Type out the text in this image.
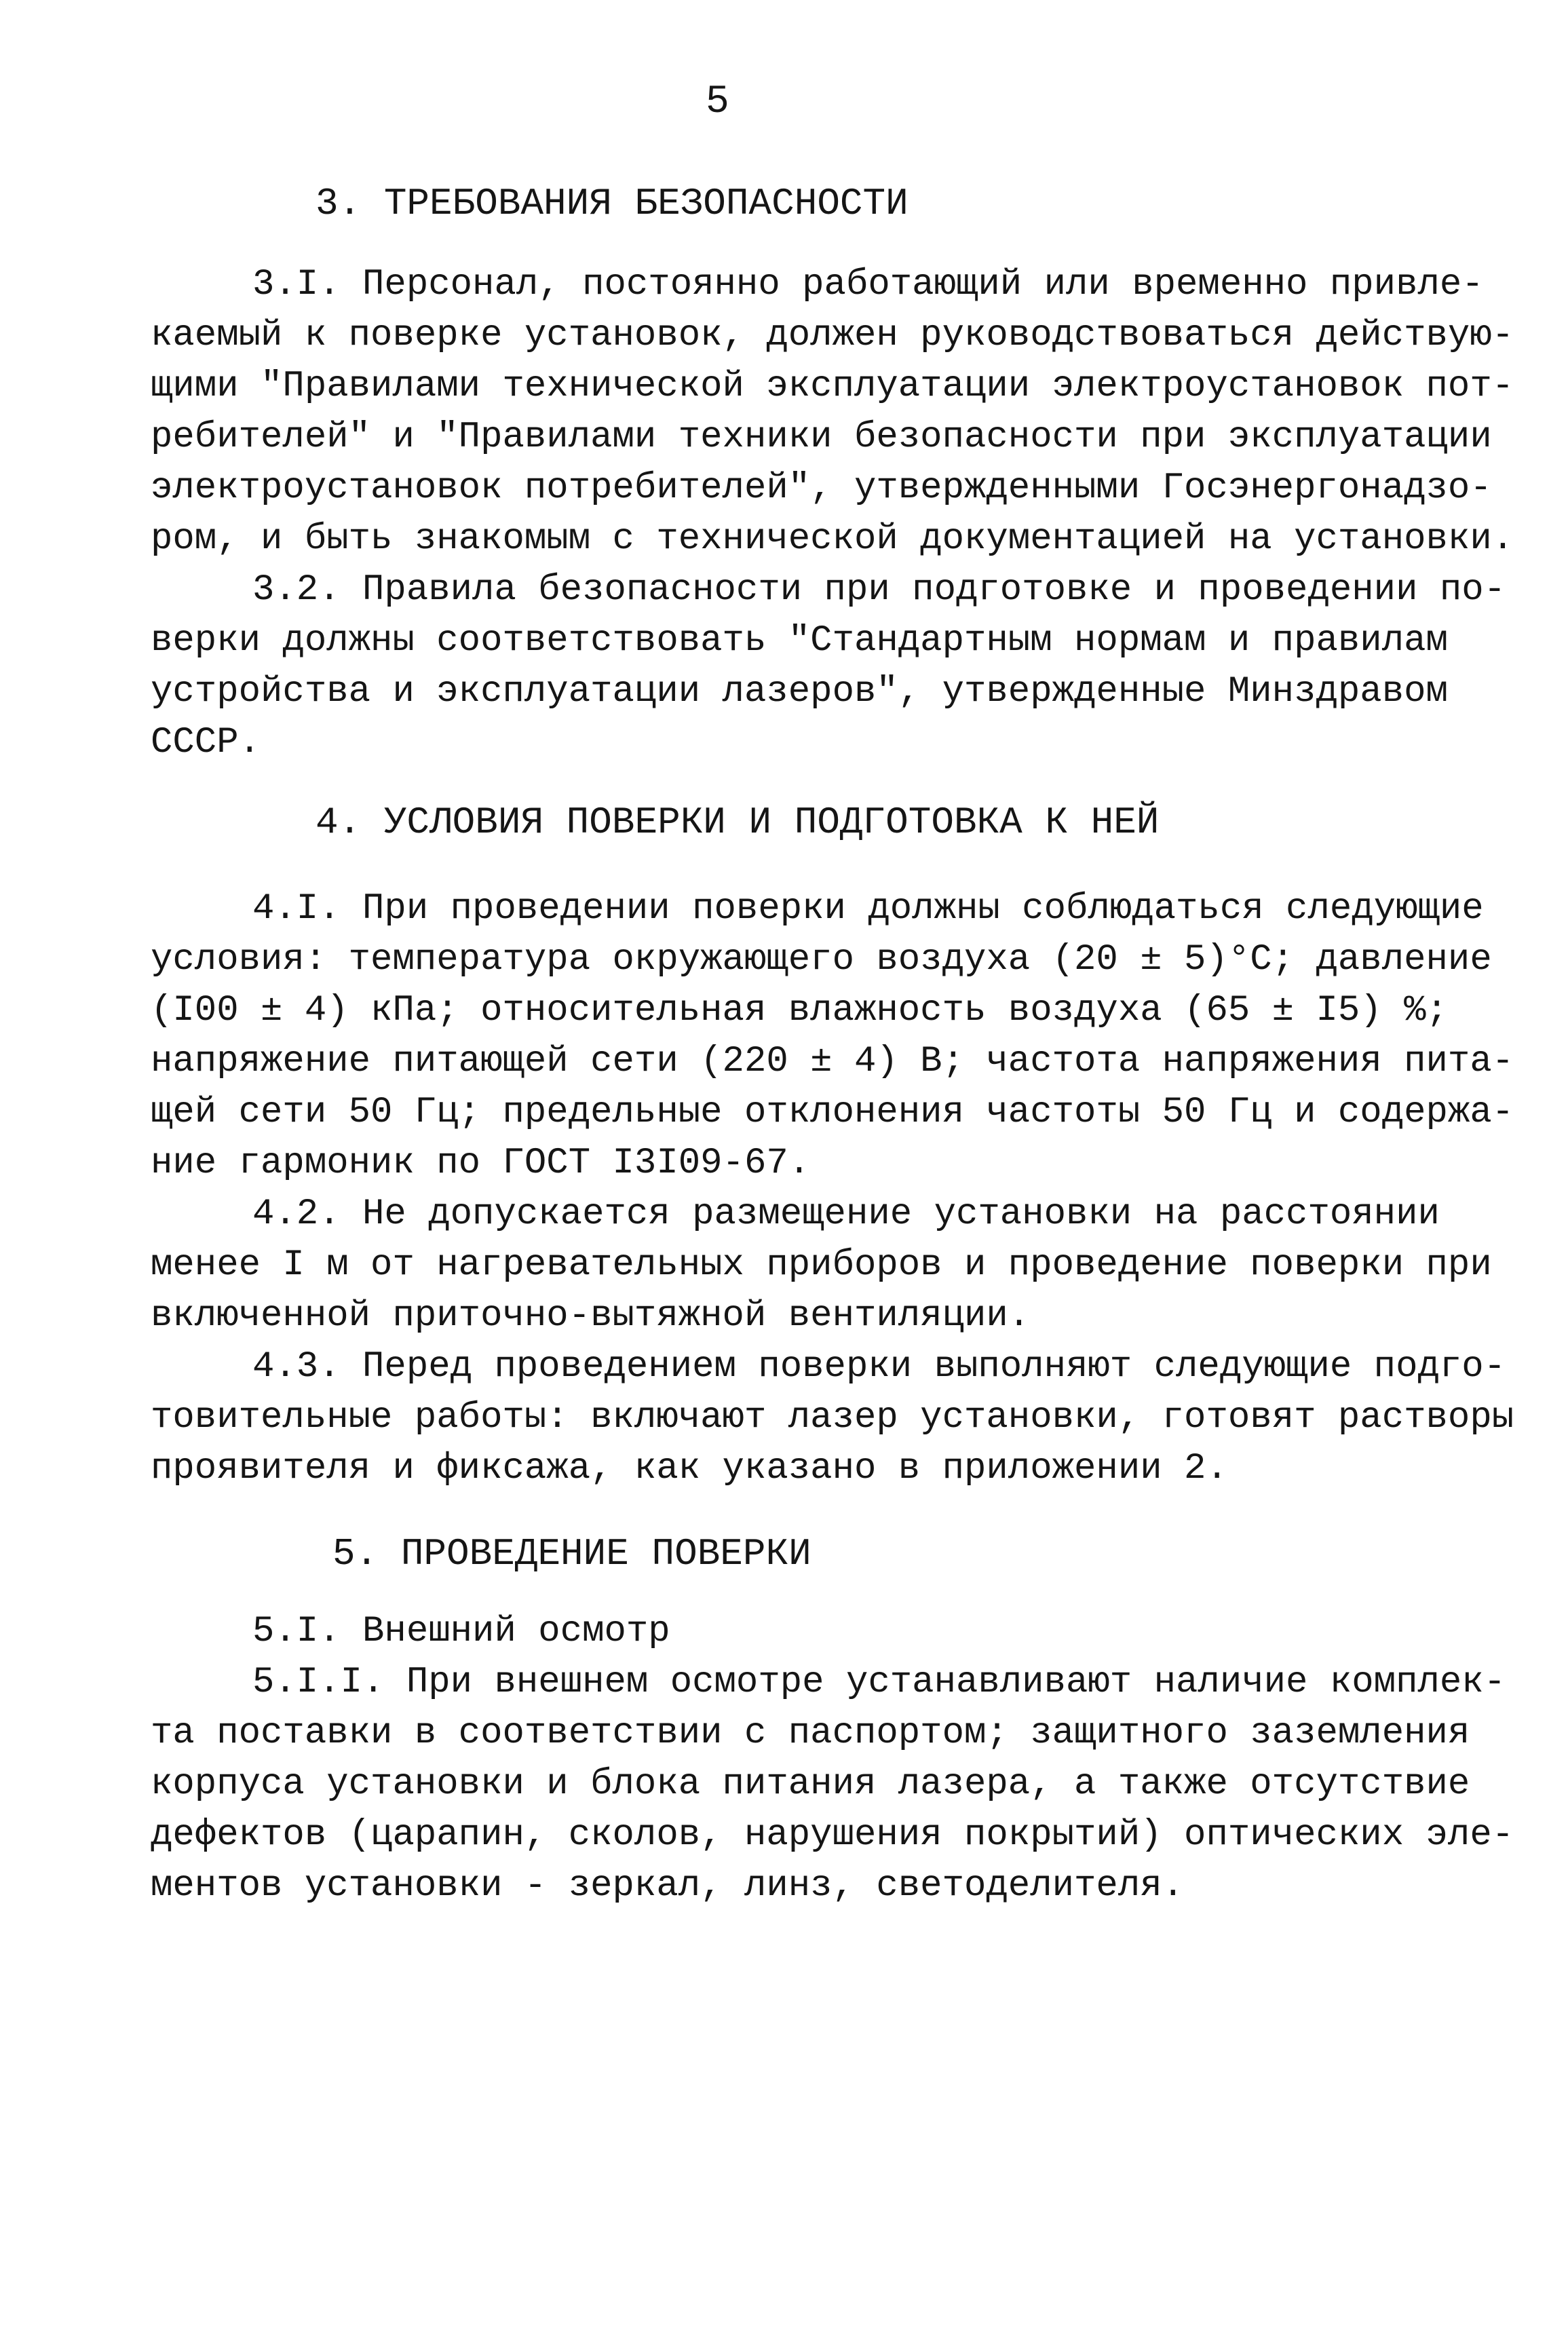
5

3. ТРЕБОВАНИЯ БЕЗОПАСНОСТИ
3.I. Персонал, постоянно работающий или временно привле-
каемый к поверке установок, должен руководствоваться действую-
щими "Правилами технической эксплуатации электроустановок пот-
ребителей" и "Правилами техники безопасности при эксплуатации
электроустановок потребителей", утвержденными Госэнергонадзо-
ром, и быть знакомым с технической документацией на установки.
3.2. Правила безопасности при подготовке и проведении по-
верки должны соответствовать "Стандартным нормам и правилам
устройства и эксплуатации лазеров", утвержденные Минздравом
СССР.
4. УСЛОВИЯ ПОВЕРКИ И ПОДГОТОВКА К НЕЙ
4.I. При проведении поверки должны соблюдаться следующие
условия: температура окружающего воздуха (20 ± 5)°С; давление
(I00 ± 4) кПа; относительная влажность воздуха (65 ± I5) %;
напряжение питающей сети (220 ± 4) В; частота напряжения пита-
щей сети 50 Гц; предельные отклонения частоты 50 Гц и содержа-
ние гармоник по ГОСТ I3I09-67.
4.2. Не допускается размещение установки на расстоянии
менее I м от нагревательных приборов и проведение поверки при
включенной приточно-вытяжной вентиляции.
4.3. Перед проведением поверки выполняют следующие подго-
товительные работы: включают лазер установки, готовят растворы
проявителя и фиксажа, как указано в приложении 2.
5. ПРОВЕДЕНИЕ ПОВЕРКИ
5.I. Внешний осмотр
5.I.I. При внешнем осмотре устанавливают наличие комплек-
та поставки в соответствии с паспортом; защитного заземления
корпуса установки и блока питания лазера, а также отсутствие
дефектов (царапин, сколов, нарушения покрытий) оптических эле-
ментов установки - зеркал, линз, светоделителя.
